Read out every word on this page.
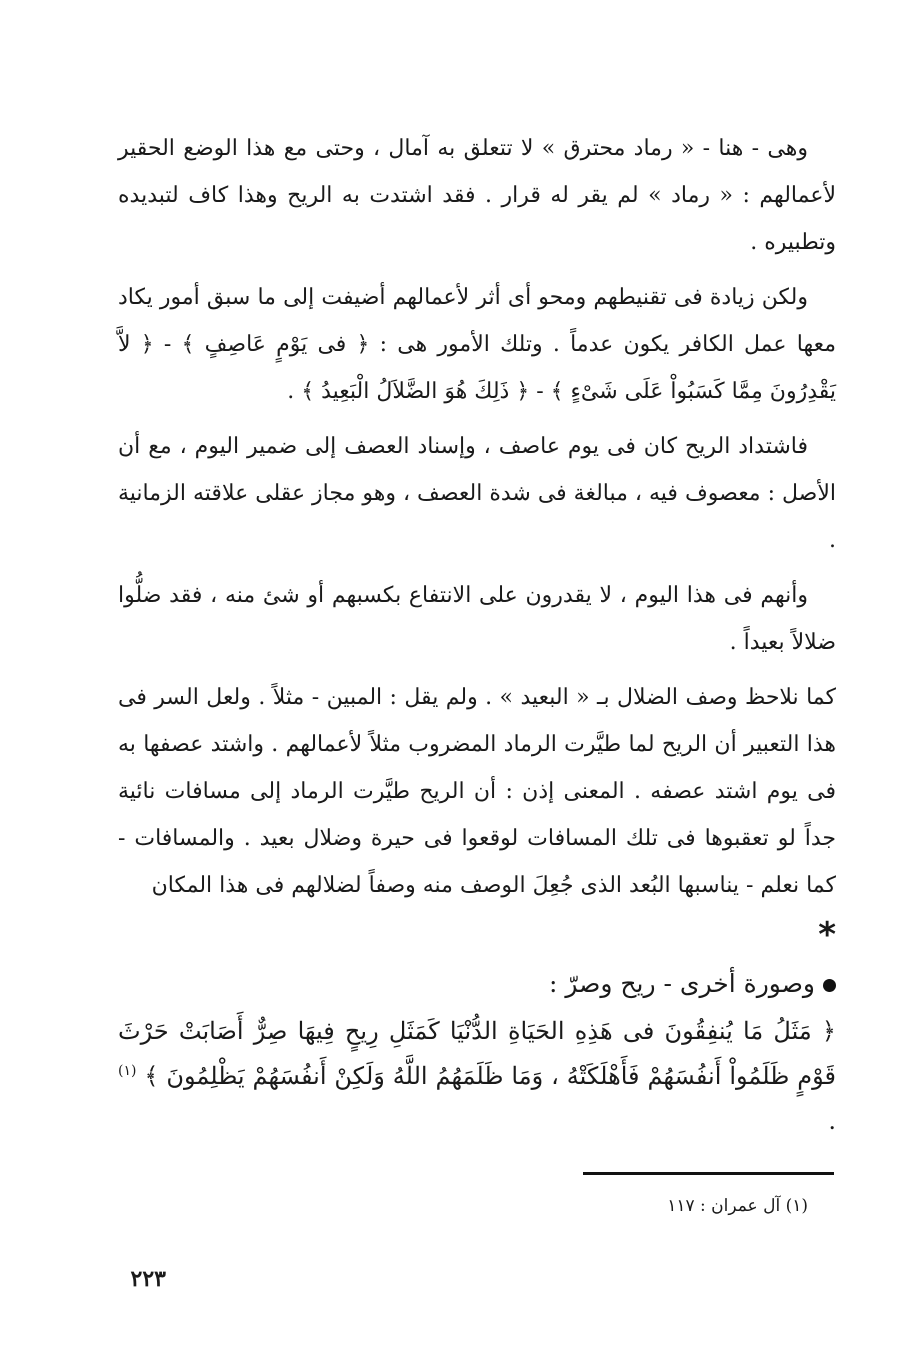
وهى - هنا - « رماد محترق » لا تتعلق به آمال ، وحتى مع هذا الوضع الحقير لأعمالهم : « رماد » لم يقر له قرار . فقد اشتدت به الريح وهذا كاف لتبديده وتطبيره .

ولكن زيادة فى تقنيطهم ومحو أى أثر لأعمالهم أضيفت إلى ما سبق أمور يكاد معها عمل الكافر يكون عدماً . وتلك الأمور هى : ﴿ فى يَوْمٍ عَاصِفٍ ﴾ - ﴿ لاَّ يَقْدِرُونَ مِمَّا كَسَبُواْ عَلَى شَىْءٍ ﴾ - ﴿ ذَلِكَ هُوَ الضَّلاَلُ الْبَعِيدُ ﴾ .

فاشتداد الريح كان فى يوم عاصف ، وإسناد العصف إلى ضمير اليوم ، مع أن الأصل : معصوف فيه ، مبالغة فى شدة العصف ، وهو مجاز عقلى علاقته الزمانية .

وأنهم فى هذا اليوم ، لا يقدرون على الانتفاع بكسبهم أو شئ منه ، فقد ضلُّوا ضلالاً بعيداً .

كما نلاحظ وصف الضلال بـ « البعيد » . ولم يقل : المبين - مثلاً . ولعل السر فى هذا التعبير أن الريح لما طيَّرت الرماد المضروب مثلاً لأعمالهم . واشتد عصفها به فى يوم اشتد عصفه . المعنى إذن : أن الريح طيَّرت الرماد إلى مسافات نائية جداً لو تعقبوها فى تلك المسافات لوقعوا فى حيرة وضلال بعيد . والمسافات - كما نعلم - يناسبها البُعد الذى جُعِلَ الوصف منه وصفاً لضلالهم فى هذا المكان

*

وصورة أخرى - ريح وصرّ :

﴿ مَثَلُ مَا يُنفِقُونَ فى هَذِهِ الحَيَاةِ الدُّنْيَا كَمَثَلِ رِيحٍ فِيهَا صِرٌّ أَصَابَتْ حَرْثَ قَوْمٍ ظَلَمُواْ أَنفُسَهُمْ فَأَهْلَكَتْهُ ، وَمَا ظَلَمَهُمُ اللَّهُ وَلَكِنْ أَنفُسَهُمْ يَظْلِمُونَ ﴾ $^{(١)}$ .

(١) آل عمران : ١١٧
٢٢٣
